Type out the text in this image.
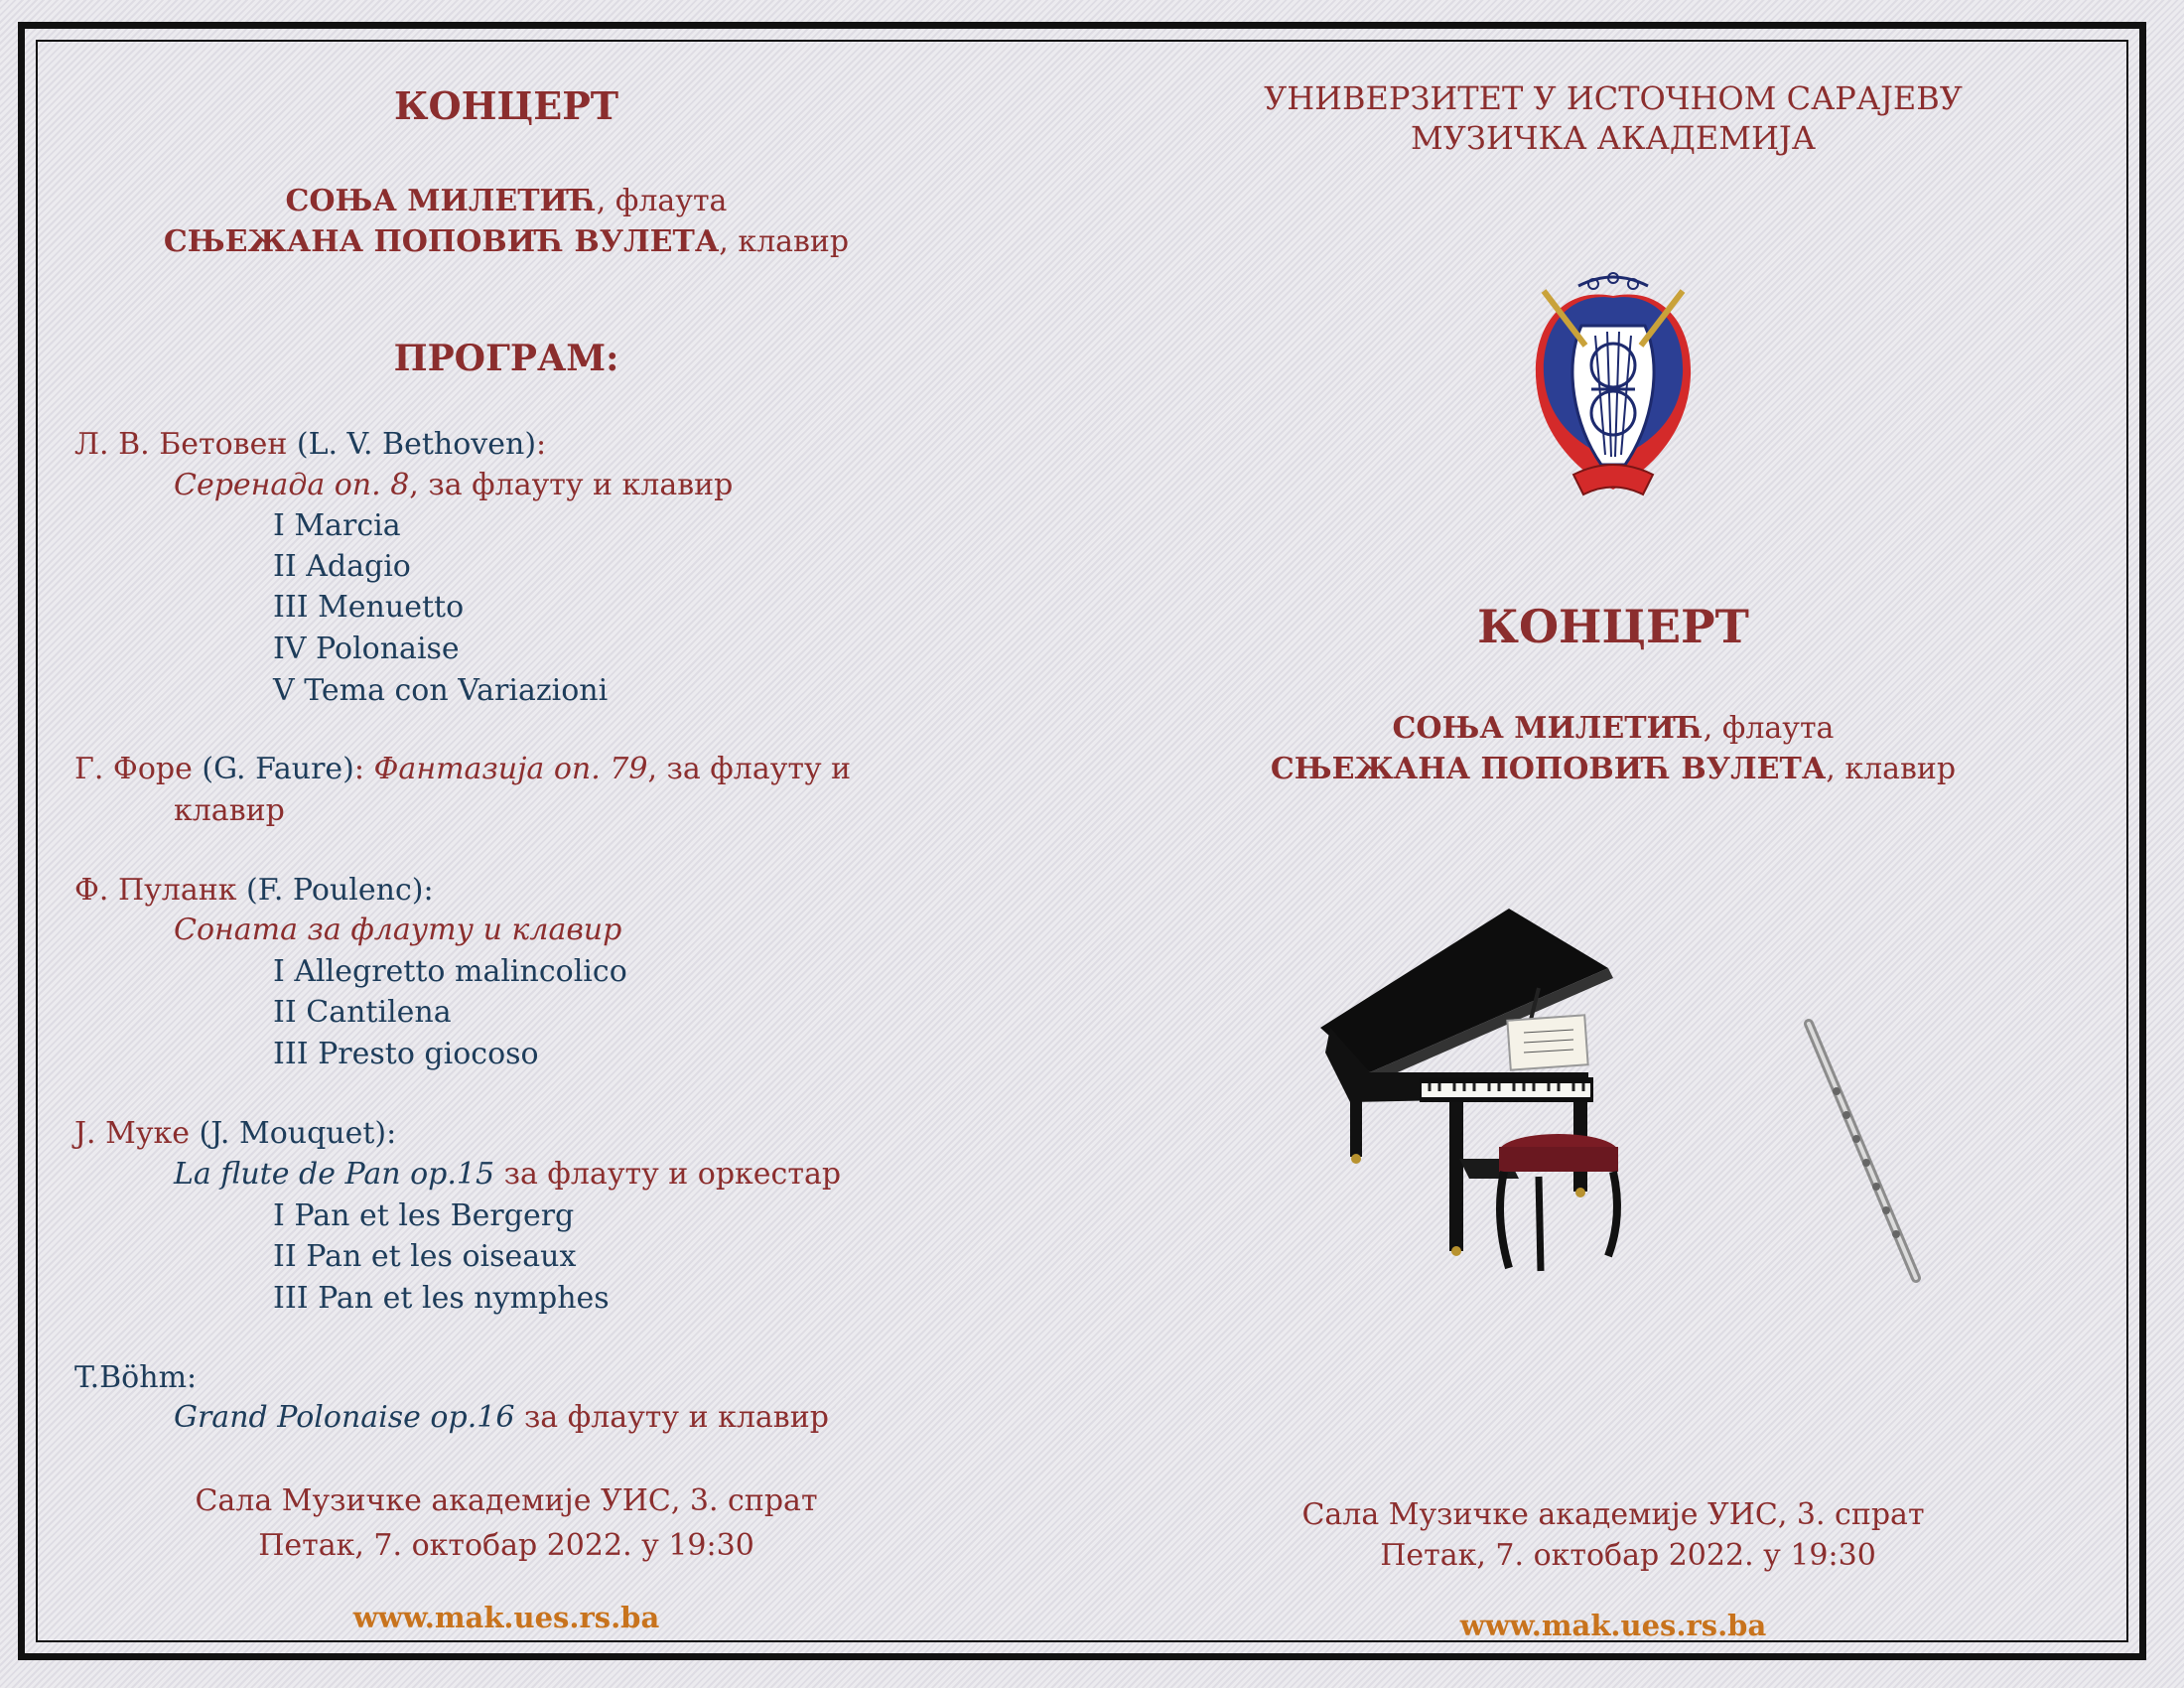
КОНЦЕРТ
СОЊА МИЛЕТИЋ, флаута
СЊЕЖАНА ПОПОВИЋ ВУЛЕТА, клавир
ПРОГРАМ:
Л. В. Бетовен (L. V. Bethoven):
Серенада оп. 8, за флауту и клавир
I Marcia
II Adagio
III Menuetto
IV Polonaise
V Tema con Variazioni
Г. Форе (G. Faure): Фантазија оп. 79, за флауту и
клавир
Ф. Пуланк (F. Poulenc):
Соната за флауту и клавир
I Allegretto malincolico
II Cantilena
III Presto giocoso
Ј. Муке (J. Mouquet):
La flute de Pan op.15 за флауту и оркестар
I Pan et les Bergerg
II Pan et les oiseaux
III Pan et les nymphes
T.Böhm:
Grand Polonaise op.16 за флауту и клавир
Сала Музичке академије УИС, 3. спрат
Петак, 7. октобар 2022. у 19:30
www.mak.ues.rs.ba
УНИВЕРЗИТЕТ У ИСТОЧНОМ САРАЈЕВУ
МУЗИЧКА АКАДЕМИЈА
КОНЦЕРТ
СОЊА МИЛЕТИЋ, флаута
СЊЕЖАНА ПОПОВИЋ ВУЛЕТА, клавир
Сала Музичке академије УИС, 3. спрат
Петак, 7. октобар 2022. у 19:30
www.mak.ues.rs.ba
